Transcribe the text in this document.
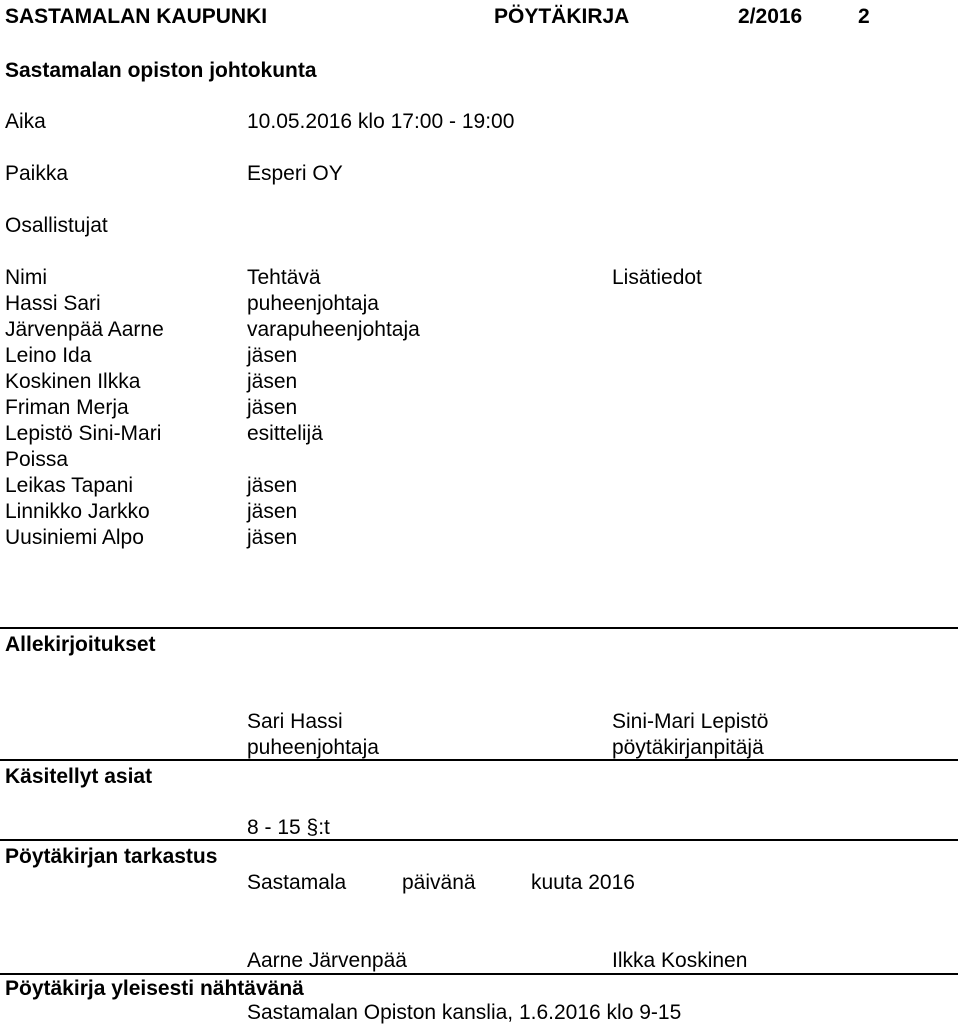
SASTAMALAN KAUPUNKI	PÖYTÄKIRJA	2/2016	2
Sastamalan opiston johtokunta
Aika	10.05.2016 klo 17:00 - 19:00
Paikka	Esperi OY
Osallistujat
Nimi	Tehtävä	Lisätiedot
Hassi Sari	puheenjohtaja
Järvenpää Aarne	varapuheenjohtaja
Leino Ida	jäsen
Koskinen Ilkka	jäsen
Friman Merja	jäsen
Lepistö Sini-Mari	esittelijä
Poissa
Leikas Tapani	jäsen
Linnikko Jarkko	jäsen
Uusiniemi Alpo	jäsen
Allekirjoitukset
Sari Hassi	Sini-Mari Lepistö
puheenjohtaja	pöytäkirjanpitäjä
Käsitellyt asiat
8 - 15 §:t
Pöytäkirjan tarkastus
Sastamala	päivänä	kuuta 2016
Aarne Järvenpää	Ilkka Koskinen
Pöytäkirja yleisesti nähtävänä
Sastamalan Opiston kanslia, 1.6.2016 klo 9-15
